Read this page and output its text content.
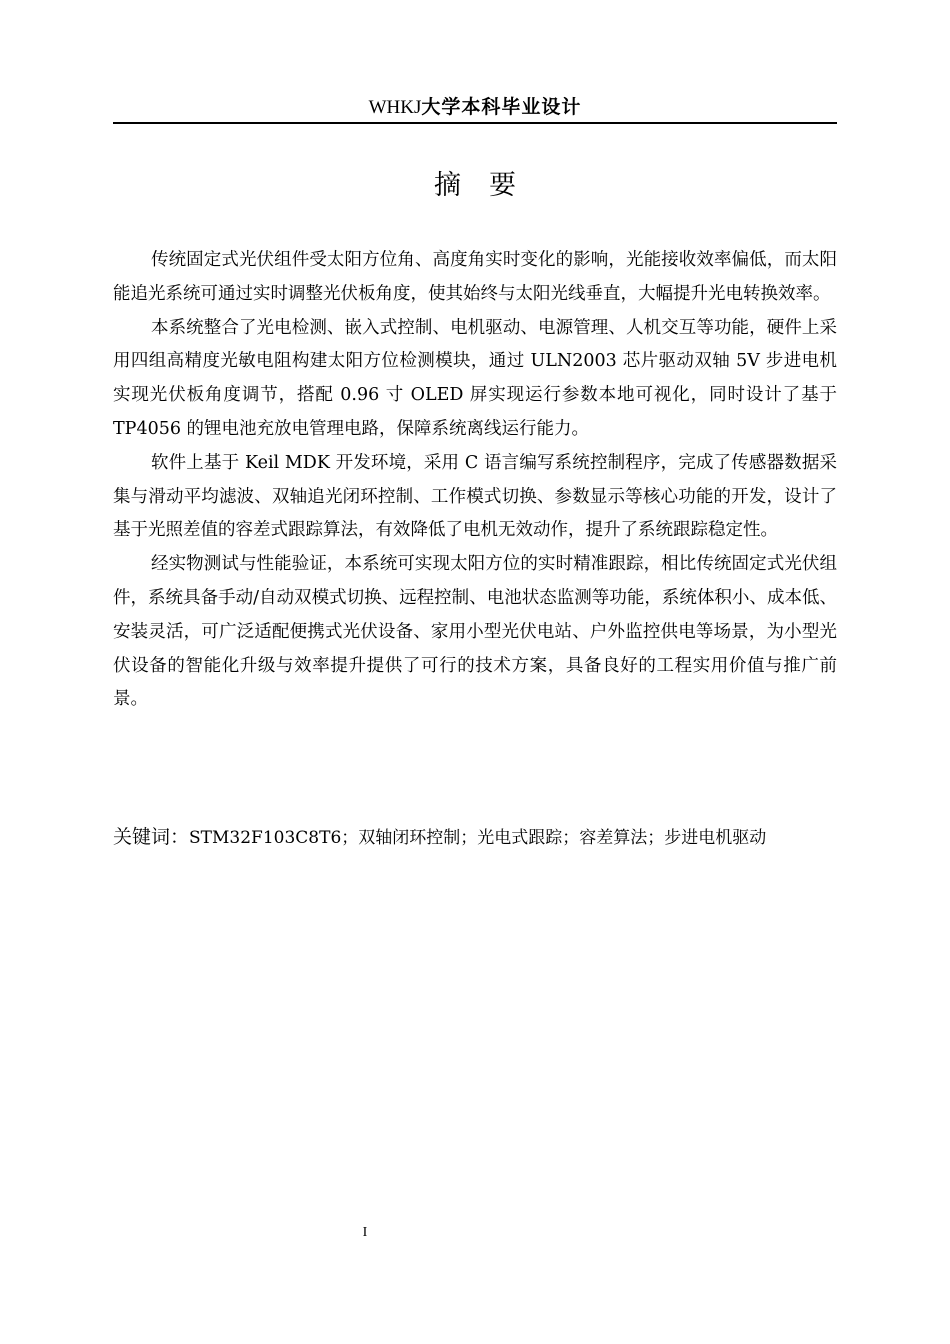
WHKJ大学本科毕业设计
摘要

传统固定式光伏组件受太阳方位角、高度角实时变化的影响，光能接收效率偏低，而太阳能追光系统可通过实时调整光伏板角度，使其始终与太阳光线垂直，大幅提升光电转换效率。

本系统整合了光电检测、嵌入式控制、电机驱动、电源管理、人机交互等功能，硬件上采用四组高精度光敏电阻构建太阳方位检测模块，通过 ULN2003 芯片驱动双轴 5V 步进电机实现光伏板角度调节，搭配 0.96 寸 OLED 屏实现运行参数本地可视化，同时设计了基于 TP4056 的锂电池充放电管理电路，保障系统离线运行能力。

软件上基于 Keil MDK 开发环境，采用 C 语言编写系统控制程序，完成了传感器数据采集与滑动平均滤波、双轴追光闭环控制、工作模式切换、参数显示等核心功能的开发，设计了基于光照差值的容差式跟踪算法，有效降低了电机无效动作，提升了系统跟踪稳定性。

经实物测试与性能验证，本系统可实现太阳方位的实时精准跟踪，相比传统固定式光伏组件，系统具备手动/自动双模式切换、远程控制、电池状态监测等功能，系统体积小、成本低、安装灵活，可广泛适配便携式光伏设备、家用小型光伏电站、户外监控供电等场景，为小型光伏设备的智能化升级与效率提升提供了可行的技术方案，具备良好的工程实用价值与推广前景。

关键词：STM32F103C8T6；双轴闭环控制；光电式跟踪；容差算法；步进电机驱动
I
